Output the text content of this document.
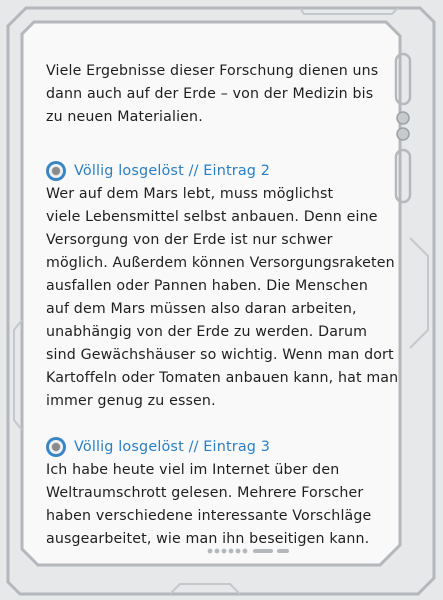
Viele Ergebnisse dieser Forschung dienen uns
dann auch auf der Erde – von der Medizin bis
zu neuen Materialien.

Völlig losgelöst // Eintrag 2

Wer auf dem Mars lebt, muss möglichst
viele Lebensmittel selbst anbauen. Denn eine
Versorgung von der Erde ist nur schwer
möglich. Außerdem können Versorgungsraketen
ausfallen oder Pannen haben. Die Menschen
auf dem Mars müssen also daran arbeiten,
unabhängig von der Erde zu werden. Darum
sind Gewächshäuser so wichtig. Wenn man dort
Kartoffeln oder Tomaten anbauen kann, hat man
immer genug zu essen.

Völlig losgelöst // Eintrag 3

Ich habe heute viel im Internet über den
Weltraumschrott gelesen. Mehrere Forscher
haben verschiedene interessante Vorschläge
ausgearbeitet, wie man ihn beseitigen kann.
